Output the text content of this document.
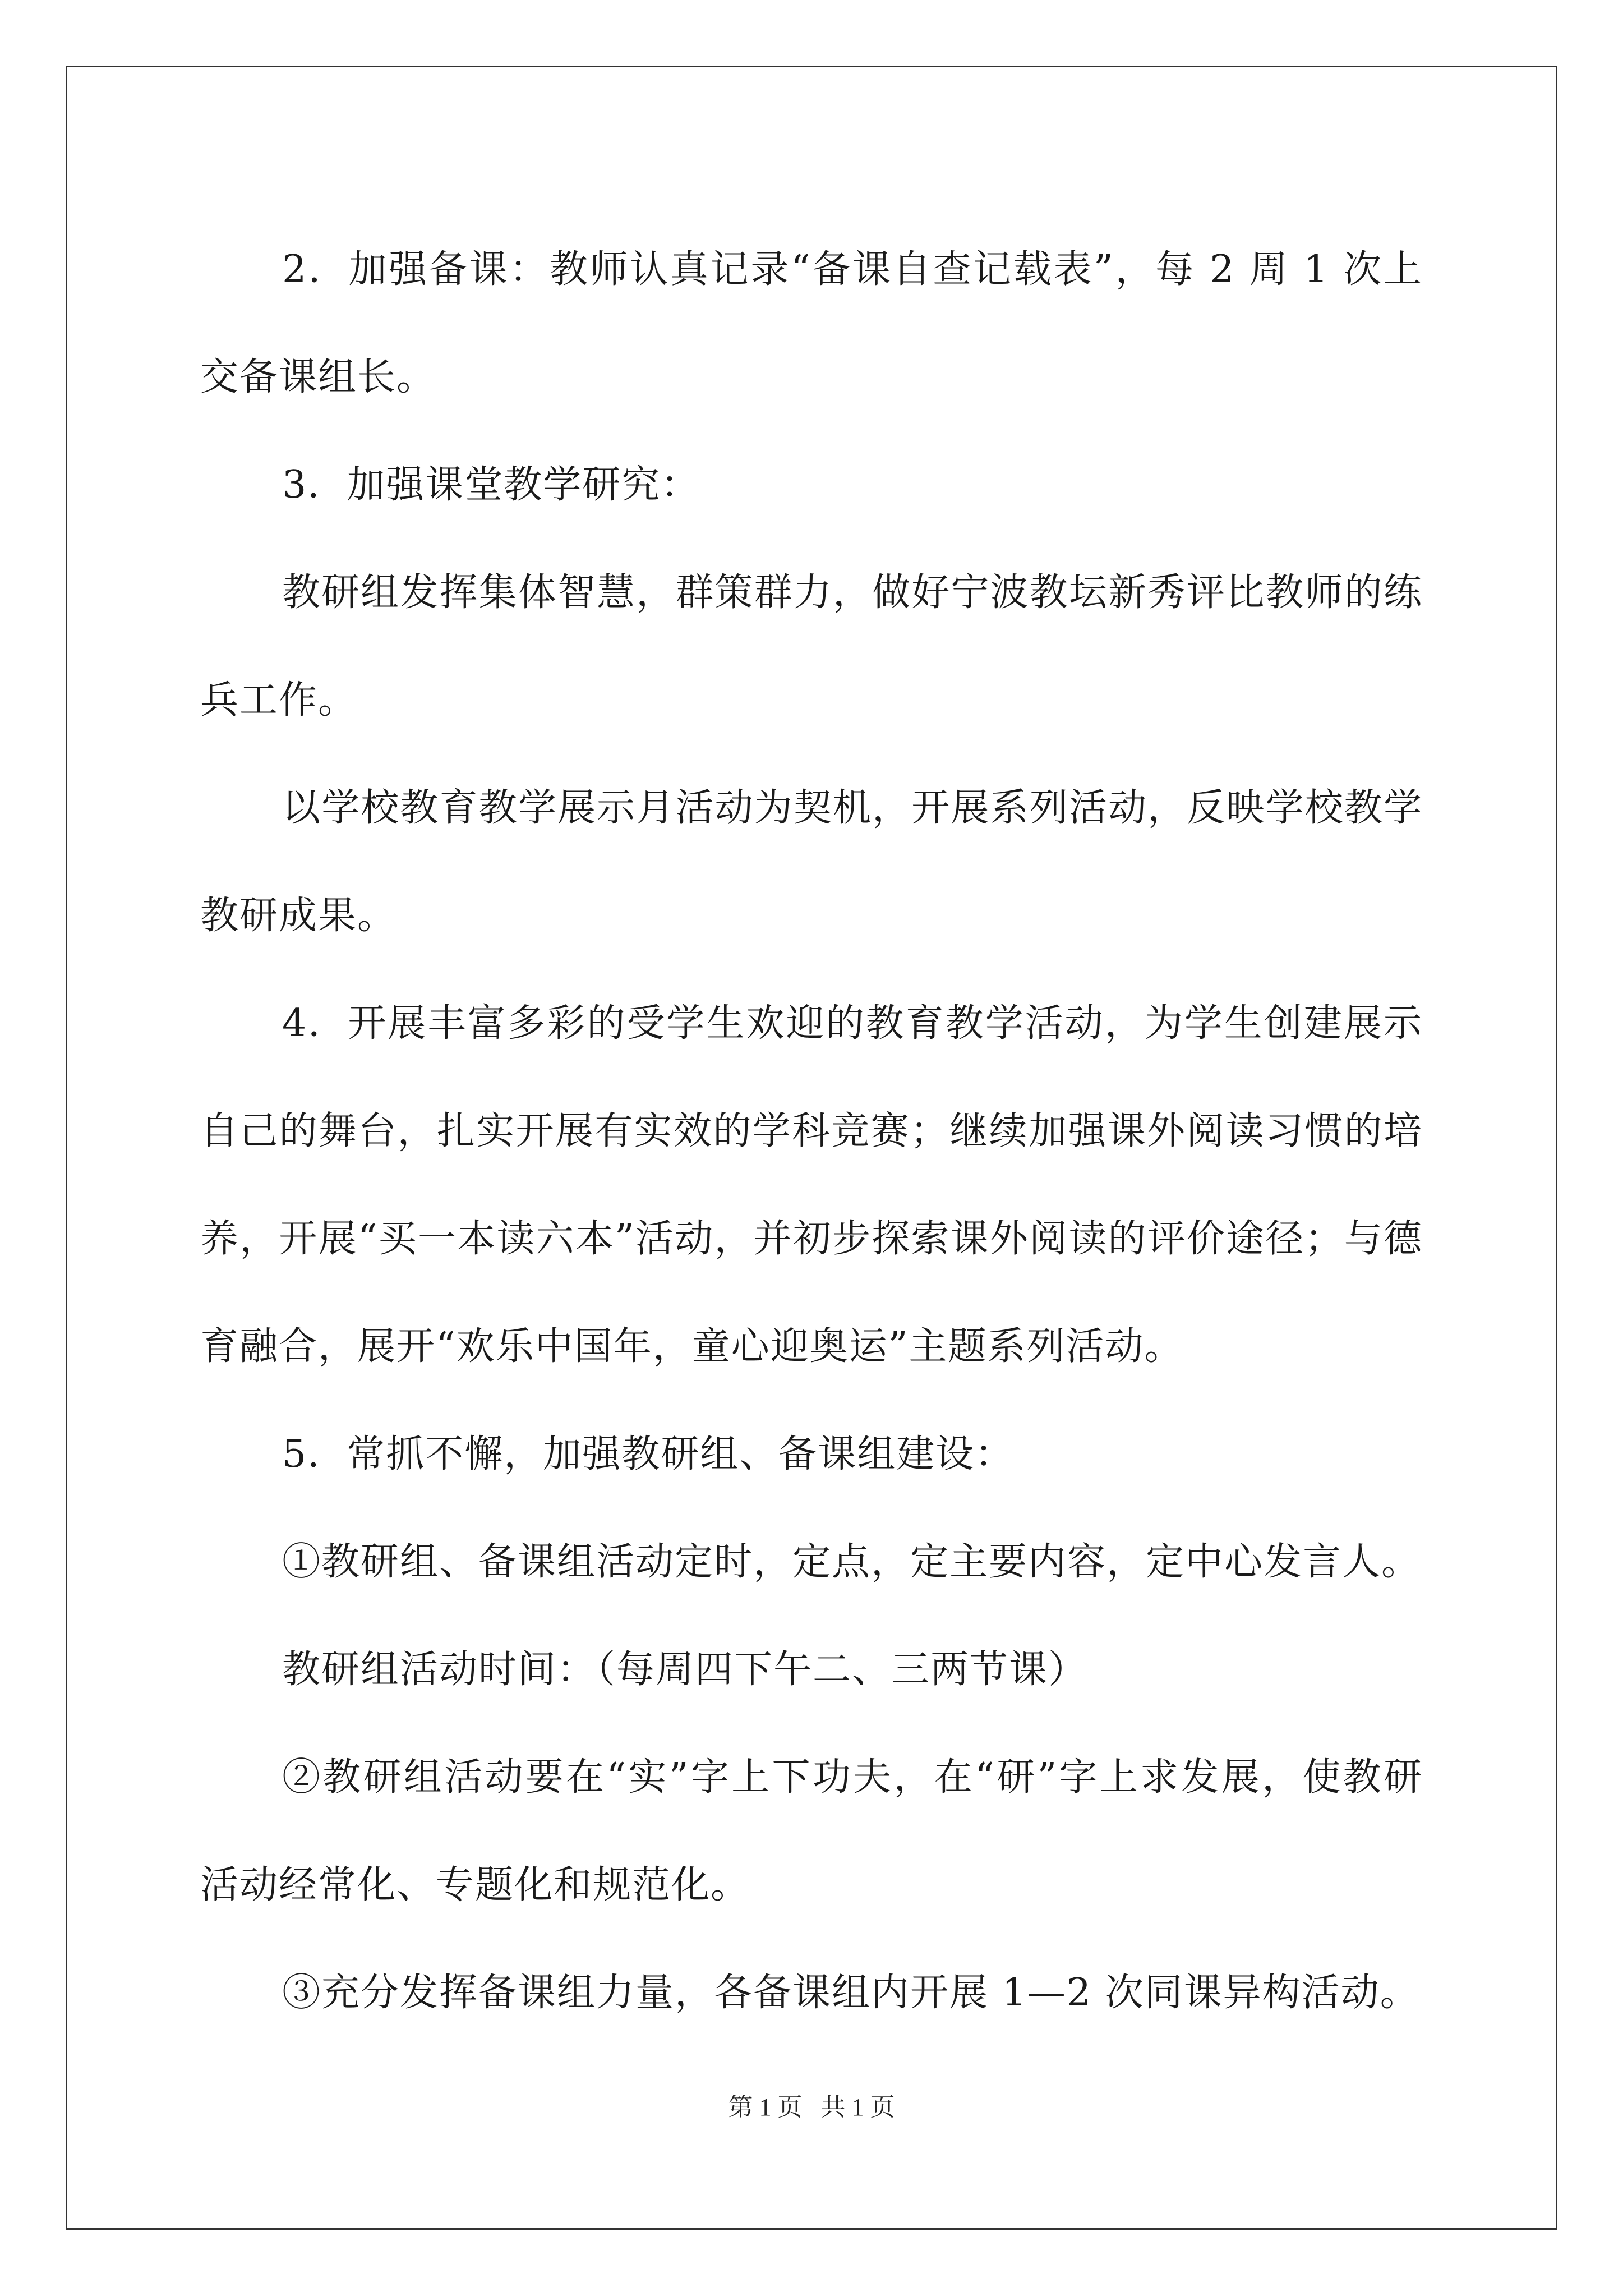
2．加强备课：教师认真记录“备课自查记载表”，每 2 周 1 次上交备课组长。

3．加强课堂教学研究：

教研组发挥集体智慧，群策群力，做好宁波教坛新秀评比教师的练兵工作。

以学校教育教学展示月活动为契机，开展系列活动，反映学校教学教研成果。

4．开展丰富多彩的受学生欢迎的教育教学活动，为学生创建展示自己的舞台，扎实开展有实效的学科竞赛；继续加强课外阅读习惯的培养，开展“买一本读六本”活动，并初步探索课外阅读的评价途径；与德育融合，展开“欢乐中国年，童心迎奥运”主题系列活动。

5．常抓不懈，加强教研组、备课组建设：

①教研组、备课组活动定时，定点，定主要内容，定中心发言人。

教研组活动时间：（每周四下午二、三两节课）

②教研组活动要在“实”字上下功夫，在“研”字上求发展，使教研活动经常化、专题化和规范化。

③充分发挥备课组力量，各备课组内开展 1—2 次同课异构活动。

第 1 页   共 1 页
